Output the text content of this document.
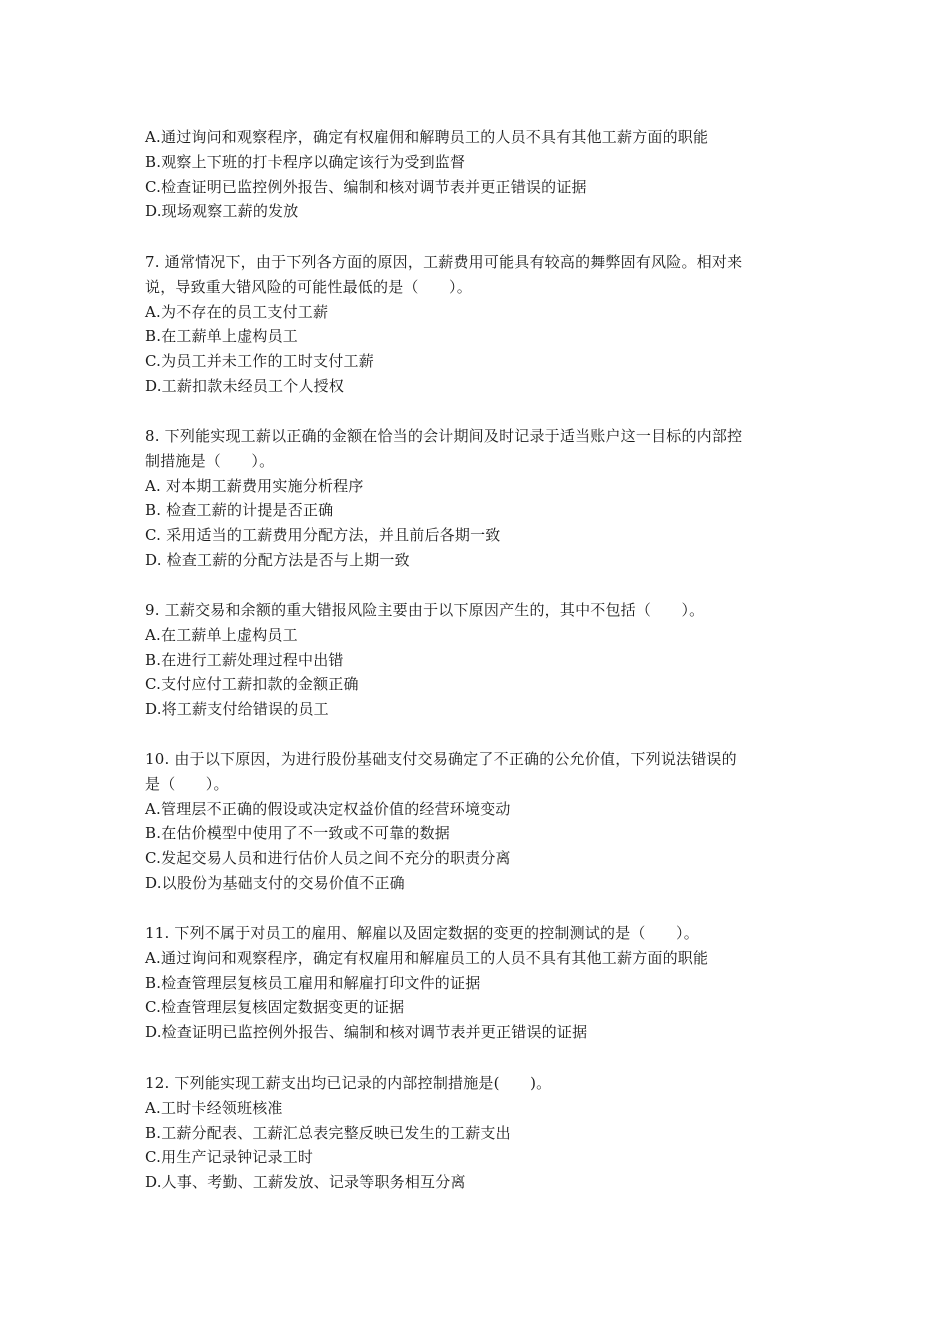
A.通过询问和观察程序，确定有权雇佣和解聘员工的人员不具有其他工薪方面的职能
B.观察上下班的打卡程序以确定该行为受到监督
C.检查证明已监控例外报告、编制和核对调节表并更正错误的证据
D.现场观察工薪的发放
7. 通常情况下，由于下列各方面的原因，工薪费用可能具有较高的舞弊固有风险。相对来
说，导致重大错风险的可能性最低的是（　　）。
A.为不存在的员工支付工薪
B.在工薪单上虚构员工
C.为员工并未工作的工时支付工薪
D.工薪扣款未经员工个人授权
8. 下列能实现工薪以正确的金额在恰当的会计期间及时记录于适当账户这一目标的内部控
制措施是（　　）。
A. 对本期工薪费用实施分析程序
B. 检查工薪的计提是否正确
C. 采用适当的工薪费用分配方法，并且前后各期一致
D. 检查工薪的分配方法是否与上期一致
9. 工薪交易和余额的重大错报风险主要由于以下原因产生的，其中不包括（　　）。
A.在工薪单上虚构员工
B.在进行工薪处理过程中出错
C.支付应付工薪扣款的金额正确
D.将工薪支付给错误的员工
10. 由于以下原因，为进行股份基础支付交易确定了不正确的公允价值，下列说法错误的
是（　　）。
A.管理层不正确的假设或决定权益价值的经营环境变动
B.在估价模型中使用了不一致或不可靠的数据
C.发起交易人员和进行估价人员之间不充分的职责分离
D.以股份为基础支付的交易价值不正确
11. 下列不属于对员工的雇用、解雇以及固定数据的变更的控制测试的是（　　）。
A.通过询问和观察程序，确定有权雇用和解雇员工的人员不具有其他工薪方面的职能
B.检查管理层复核员工雇用和解雇打印文件的证据
C.检查管理层复核固定数据变更的证据
D.检查证明已监控例外报告、编制和核对调节表并更正错误的证据
12. 下列能实现工薪支出均已记录的内部控制措施是(　　)。
A.工时卡经领班核准
B.工薪分配表、工薪汇总表完整反映已发生的工薪支出
C.用生产记录钟记录工时
D.人事、考勤、工薪发放、记录等职务相互分离
